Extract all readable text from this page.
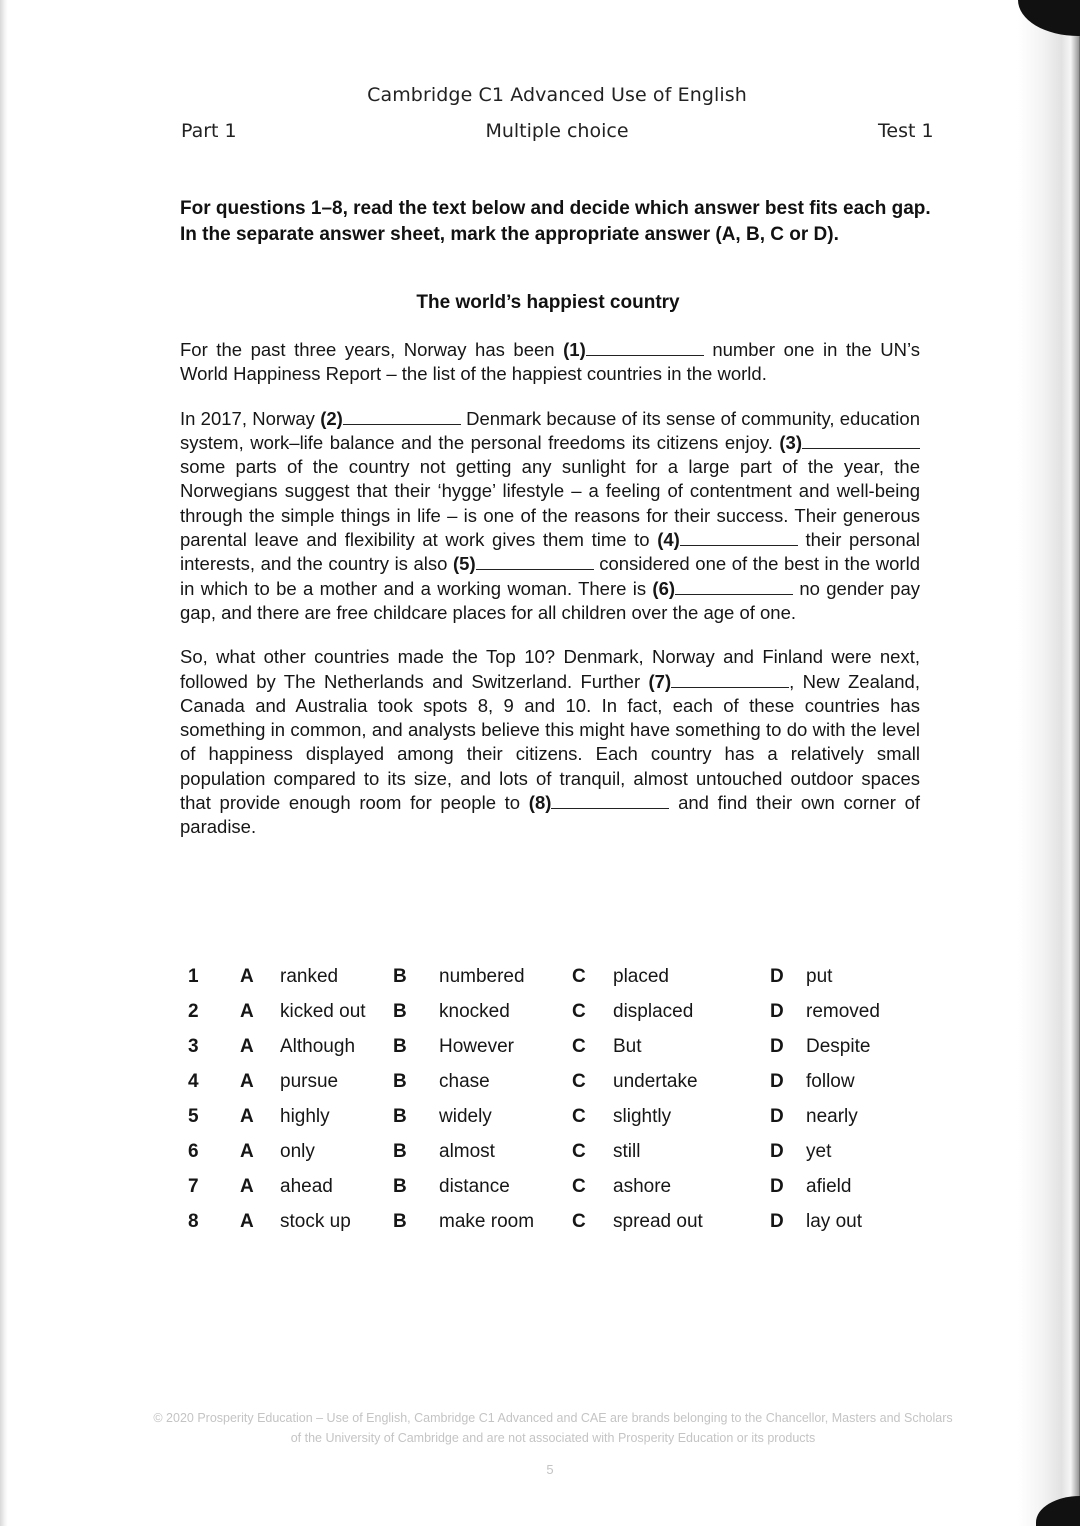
Cambridge C1 Advanced Use of English
Part 1	Multiple choice	Test 1
For questions 1–8, read the text below and decide which answer best fits each gap. In the separate answer sheet, mark the appropriate answer (A, B, C or D).
The world’s happiest country

For the past three years, Norway has been (1)	number one in the UN’s World Happiness Report – the list of the happiest countries in the world.

In 2017, Norway (2)	Denmark because of its sense of community, education system, work–life balance and the personal freedoms its citizens enjoy. (3) some parts of the country not getting any sunlight for a large part of the year, the Norwegians suggest that their ‘hygge’ lifestyle – a feeling of contentment and well-being through the simple things in life – is one of the reasons for their success. Their generous parental leave and flexibility at work gives them time to (4)	their personal interests, and the country is also (5)	considered one of the best in the world in which to be a mother and a working woman. There is (6)	no gender pay gap, and there are free childcare places for all children over the age of one.

So, what other countries made the Top 10? Denmark, Norway and Finland were next, followed by The Netherlands and Switzerland. Further (7)	, New Zealand, Canada and Australia took spots 8, 9 and 10. In fact, each of these countries has something in common, and analysts believe this might have something to do with the level of happiness displayed among their citizens. Each country has a relatively small population compared to its size, and lots of tranquil, almost untouched outdoor spaces that provide enough room for people to (8)	and find their own corner of paradise.

1 A ranked	B numbered C placed	D put
2 A kicked out B knocked	C displaced	D removed
3 A Although B However	C But	D Despite
4 A pursue	B chase	C undertake	D follow
5 A highly	B widely	C slightly	D nearly
6 A only	B almost	C still	D yet
7 A ahead	B distance	C ashore	D afield
8 A stock up B make room C spread out	D lay out
© 2020 Prosperity Education – Use of English, Cambridge C1 Advanced and CAE are brands belonging to the Chancellor, Masters and Scholars of the University of Cambridge and are not associated with Prosperity Education or its products
5
